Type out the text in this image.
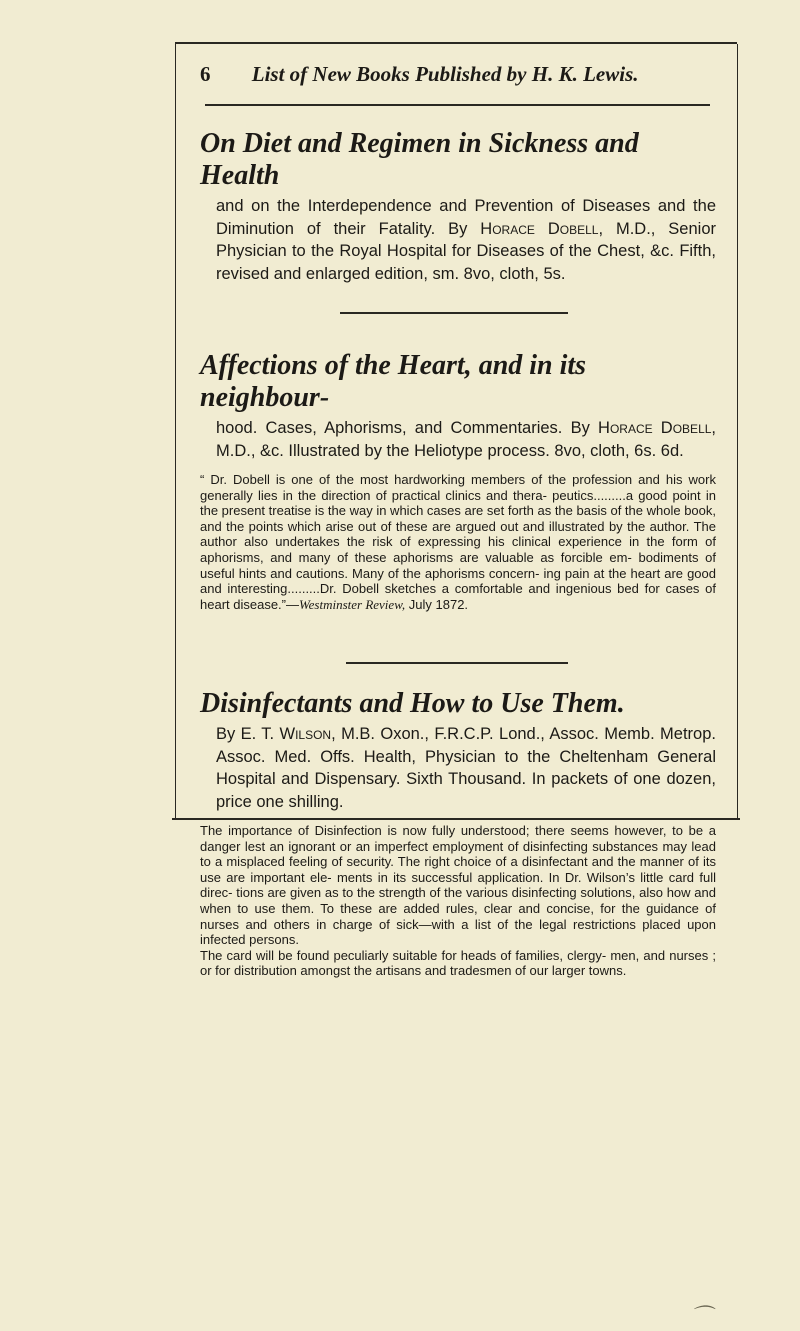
6 List of New Books Published by H. K. Lewis.
On Diet and Regimen in Sickness and Health

and on the Interdependence and Prevention of Diseases and the Diminution of their Fatality. By Horace Dobell, M.D., Senior Physician to the Royal Hospital for Diseases of the Chest, &c. Fifth, revised and enlarged edition, sm. 8vo, cloth, 5s.

Affections of the Heart, and in its neighbour-

hood. Cases, Aphorisms, and Commentaries. By Horace Dobell, M.D., &c. Illustrated by the Heliotype process. 8vo, cloth, 6s. 6d.

“ Dr. Dobell is one of the most hardworking members of the profession and his work generally lies in the direction of practical clinics and thera- peutics.........a good point in the present treatise is the way in which cases are set forth as the basis of the whole book, and the points which arise out of these are argued out and illustrated by the author. The author also undertakes the risk of expressing his clinical experience in the form of aphorisms, and many of these aphorisms are valuable as forcible em- bodiments of useful hints and cautions. Many of the aphorisms concern- ing pain at the heart are good and interesting.........Dr. Dobell sketches a comfortable and ingenious bed for cases of heart disease.”—Westminster Review, July 1872.

Disinfectants and How to Use Them.

By E. T. Wilson, M.B. Oxon., F.R.C.P. Lond., Assoc. Memb. Metrop. Assoc. Med. Offs. Health, Physician to the Cheltenham General Hospital and Dispensary. Sixth Thousand. In packets of one dozen, price one shilling.

The importance of Disinfection is now fully understood; there seems however, to be a danger lest an ignorant or an imperfect employment of disinfecting substances may lead to a misplaced feeling of security. The right choice of a disinfectant and the manner of its use are important ele- ments in its successful application. In Dr. Wilson’s little card full direc- tions are given as to the strength of the various disinfecting solutions, also how and when to use them. To these are added rules, clear and concise, for the guidance of nurses and others in charge of sick—with a list of the legal restrictions placed upon infected persons.

The card will be found peculiarly suitable for heads of families, clergy- men, and nurses ; or for distribution amongst the artisans and tradesmen of our larger towns.

⌒
